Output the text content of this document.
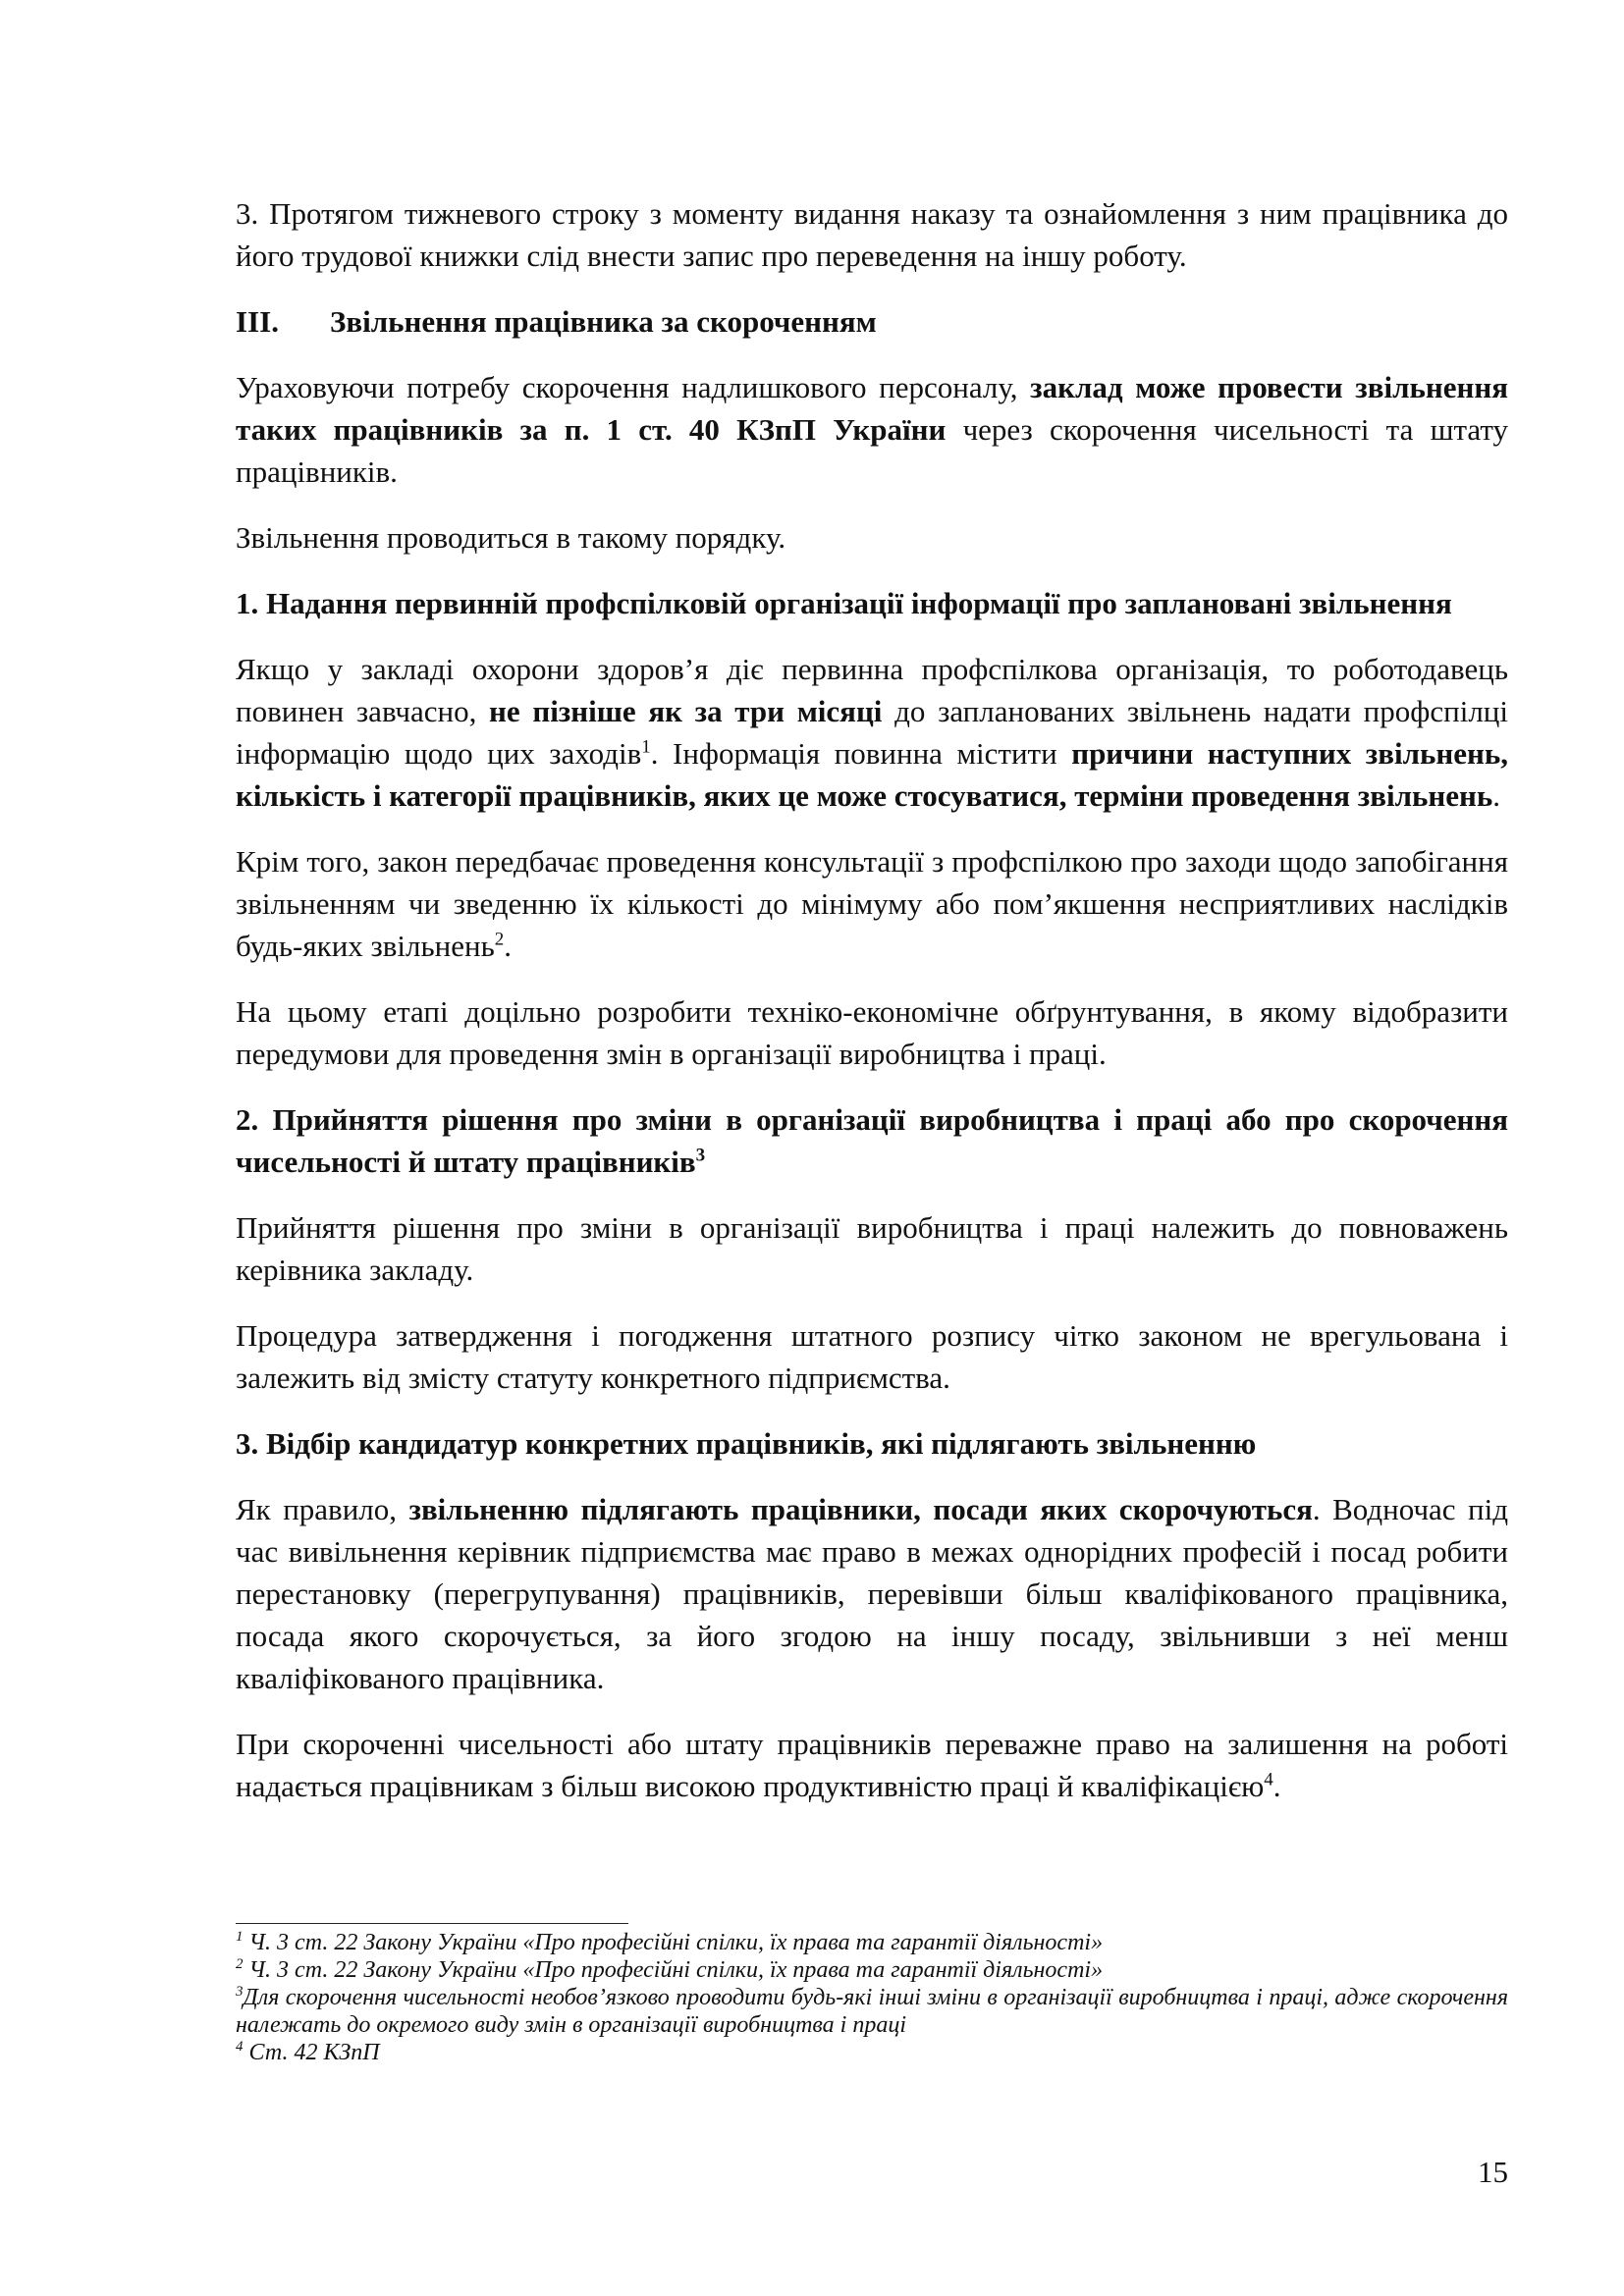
3. Протягом тижневого строку з моменту видання наказу та ознайомлення з ним працівника до його трудової книжки слід внести запис про переведення на іншу роботу.

ІІІ. Звільнення працівника за скороченням

Ураховуючи потребу скорочення надлишкового персоналу, заклад може провести звільнення таких працівників за п. 1 ст. 40 КЗпП України через скорочення чисельності та штату працівників.

Звільнення проводиться в такому порядку.

1. Надання первинній профспілковій організації інформації про заплановані звільнення

Якщо у закладі охорони здоров’я діє первинна профспілкова організація, то роботодавець повинен завчасно, не пізніше як за три місяці до запланованих звільнень надати профспілці інформацію щодо цих заходів$^1$. Інформація повинна містити причини наступних звільнень, кількість і категорії працівників, яких це може стосуватися, терміни проведення звільнень.

Крім того, закон передбачає проведення консультації з профспілкою про заходи щодо запобігання звільненням чи зведенню їх кількості до мінімуму або пом’якшення несприятливих наслідків будь-яких звільнень$^2$.

На цьому етапі доцільно розробити техніко-економічне обґрунтування, в якому відобразити передумови для проведення змін в організації виробництва і праці.

2. Прийняття рішення про зміни в організації виробництва і праці або про скорочення чисельності й штату працівників$^3$

Прийняття рішення про зміни в організації виробництва і праці належить до повноважень керівника закладу.

Процедура затвердження і погодження штатного розпису чітко законом не врегульована і залежить від змісту статуту конкретного підприємства.

3. Відбір кандидатур конкретних працівників, які підлягають звільненню

Як правило, звільненню підлягають працівники, посади яких скорочуються. Водночас під час вивільнення керівник підприємства має право в межах однорідних професій і посад робити перестановку (перегрупування) працівників, перевівши більш кваліфікованого працівника, посада якого скорочується, за його згодою на іншу посаду, звільнивши з неї менш кваліфікованого працівника.

При скороченні чисельності або штату працівників переважне право на залишення на роботі надається працівникам з більш високою продуктивністю праці й кваліфікацією$^4$.

$^1$ Ч. 3 ст. 22 Закону України «Про професійні спілки, їх права та гарантії діяльності»
$^2$ Ч. 3 ст. 22 Закону України «Про професійні спілки, їх права та гарантії діяльності»
$^3$Для скорочення чисельності необов’язково проводити будь-які інші зміни в організації виробництва і праці, адже скорочення належать до окремого виду змін в організації виробництва і праці
$^4$ Ст. 42 КЗпП
15
